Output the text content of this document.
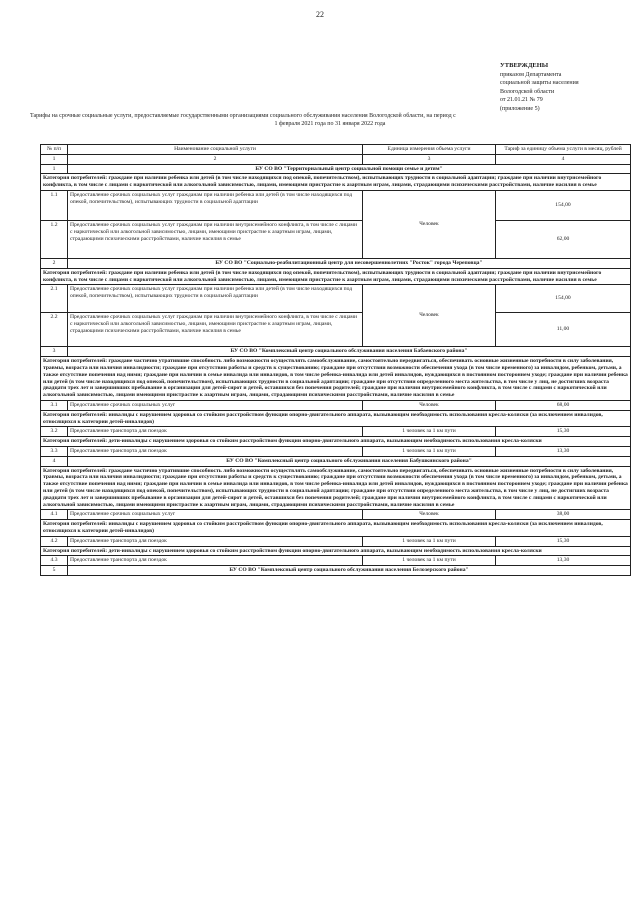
22
УТВЕРЖДЕНЫ
приказом Департамента
социальной защиты населения
Вологодской области
от 21.01.21 № 79
(приложение 5)
Тарифы на срочные социальные услуги, предоставляемые государственными организациями социального обслуживания населения Вологодской области, на период с
1 февраля 2021 года по 31 января 2022 года
№ п/п	Наименование социальной услуги	Единица измерения объема услуги	Тариф за единицу объема услуги в месяц, рублей
1	2	3	4
1	БУ СО ВО "Территориальный центр социальной помощи семье и детям"		
Категория потребителей: граждане при наличии ребенка или детей (в том числе находящихся под опекой, попечительством), испытывающих трудности в социальной адаптации; граждане при наличии внутрисемейного конфликта, в том числе с лицами с наркотической или алкогольной зависимостью, лицами, имеющими пристрастие к азартным играм, лицами, страдающими психическими расстройствами, наличие насилия в семье			
1.1	Предоставление срочных социальных услуг гражданам при наличии ребенка или детей (в том числе находящихся под опекой, попечительством), испытывающих трудности в социальной адаптации	Человек	154,00
1.2	Предоставление срочных социальных услуг гражданам при наличии внутрисемейного конфликта, в том числе с лицами с наркотической или алкогольной зависимостью, лицами, имеющими пристрастие к азартным играм, лицами, страдающими психическими расстройствами, наличие насилия в семье		62,00
2	БУ СО ВО "Социально-реабилитационный центр для несовершеннолетних "Росток" города Череповца"		
Категория потребителей: граждане при наличии ребенка или детей (в том числе находящихся под опекой, попечительством), испытывающих трудности в социальной адаптации; граждане при наличии внутрисемейного конфликта, в том числе с лицами с наркотической или алкогольной зависимостью, лицами, имеющими пристрастие к азартным играм, лицами, страдающими психическими расстройствами, наличие насилия в семье			
2.1	Предоставление срочных социальных услуг гражданам при наличии ребенка или детей (в том числе находящихся под опекой, попечительством), испытывающих трудности в социальной адаптации	Человек	154,00
2.2	Предоставление срочных социальных услуг гражданам при наличии внутрисемейного конфликта, в том числе с лицами с наркотической или алкогольной зависимостью, лицами, имеющими пристрастие к азартным играм, лицами, страдающими психическими расстройствами, наличие насилия в семье		11,00
3	БУ СО ВО "Комплексный центр социального обслуживания населения Бабаевского района"		
Категория потребителей: граждане частично утратившие способность либо возможности осуществлять самообслуживание, самостоятельно передвигаться, обеспечивать основные жизненные потребности в силу заболевания, травмы, возраста или наличия инвалидности; граждане при отсутствии работы и средств к существованию; граждане при отсутствии возможности обеспечения ухода (в том числе временного) за инвалидом, ребенком, детьми, а также отсутствие попечения над ними; граждане при наличии в семье инвалида или инвалидов, в том числе ребенка-инвалида или детей инвалидов, нуждающихся в постоянном постороннем уходе; граждане при наличии ребенка или детей (в том числе находящихся под опекой, попечительством), испытывающих трудности в социальной адаптации; граждане при отсутствии определенного места жительства, в том числе у лиц, не достигших возраста двадцати трех лет и завершивших пребывание в организации для детей-сирот и детей, оставшихся без попечения родителей; граждане при наличии внутрисемейного конфликта, в том числе с лицами с наркотической или алкогольной зависимостью, лицами имеющими пристрастие к азартным играм, лицами, страдающими психическими расстройствами, наличие насилия в семье			
3.1	Предоставление срочных социальных услуг	Человек	68,00
Категория потребителей: инвалиды с нарушением здоровья со стойким расстройством функции опорно-двигательного аппарата, вызывающим необходимость использования кресла-коляски (за исключением инвалидов, относящихся к категории детей-инвалидов)			
3.2	Предоставление транспорта для поездок	1 человек за 1 км пути	15,30
Категория потребителей: дети-инвалиды с нарушением здоровья со стойким расстройством функции опорно-двигательного аппарата, вызывающим необходимость использования кресла-коляски			
3.3	Предоставление транспорта для поездок	1 человек за 1 км пути	13,30
4	БУ СО ВО "Комплексный центр социального обслуживания населения Бабушкинского района"		
Категория потребителей: граждане частично утратившие способность либо возможности осуществлять самообслуживание, самостоятельно передвигаться, обеспечивать основные жизненные потребности в силу заболевания, травмы, возраста или наличия инвалидности; граждане при отсутствии работы и средств к существованию; граждане при отсутствии возможности обеспечения ухода (в том числе временного) за инвалидом, ребенком, детьми, а также отсутствие попечения над ними; граждане при наличии в семье инвалида или инвалидов, в том числе ребенка-инвалида или детей инвалидов, нуждающихся в постоянном постороннем уходе; граждане при наличии ребенка или детей (в том числе находящихся под опекой, попечительством), испытывающих трудности в социальной адаптации; граждане при отсутствии определенного места жительства, в том числе у лиц, не достигших возраста двадцати трех лет и завершивших пребывание в организации для детей-сирот и детей, оставшихся без попечения родителей; граждане при наличии внутрисемейного конфликта, в том числе с лицами с наркотической или алкогольной зависимостью, лицами имеющими пристрастие к азартным играм, лицами, страдающими психическими расстройствами, наличие насилия в семье			
4.1	Предоставление срочных социальных услуг	Человек	38,00
Категория потребителей: инвалиды с нарушением здоровья со стойким расстройством функции опорно-двигательного аппарата, вызывающим необходимость использования кресла-коляски (за исключением инвалидов, относящихся к категории детей-инвалидов)			
4.2	Предоставление транспорта для поездок	1 человек за 1 км пути	15,30
Категория потребителей: дети-инвалиды с нарушением здоровья со стойким расстройством функции опорно-двигательного аппарата, вызывающим необходимость использования кресла-коляски			
4.3	Предоставление транспорта для поездок	1 человек за 1 км пути	13,30
5	БУ СО ВО "Комплексный центр социального обслуживания населения Белозерского района"		
